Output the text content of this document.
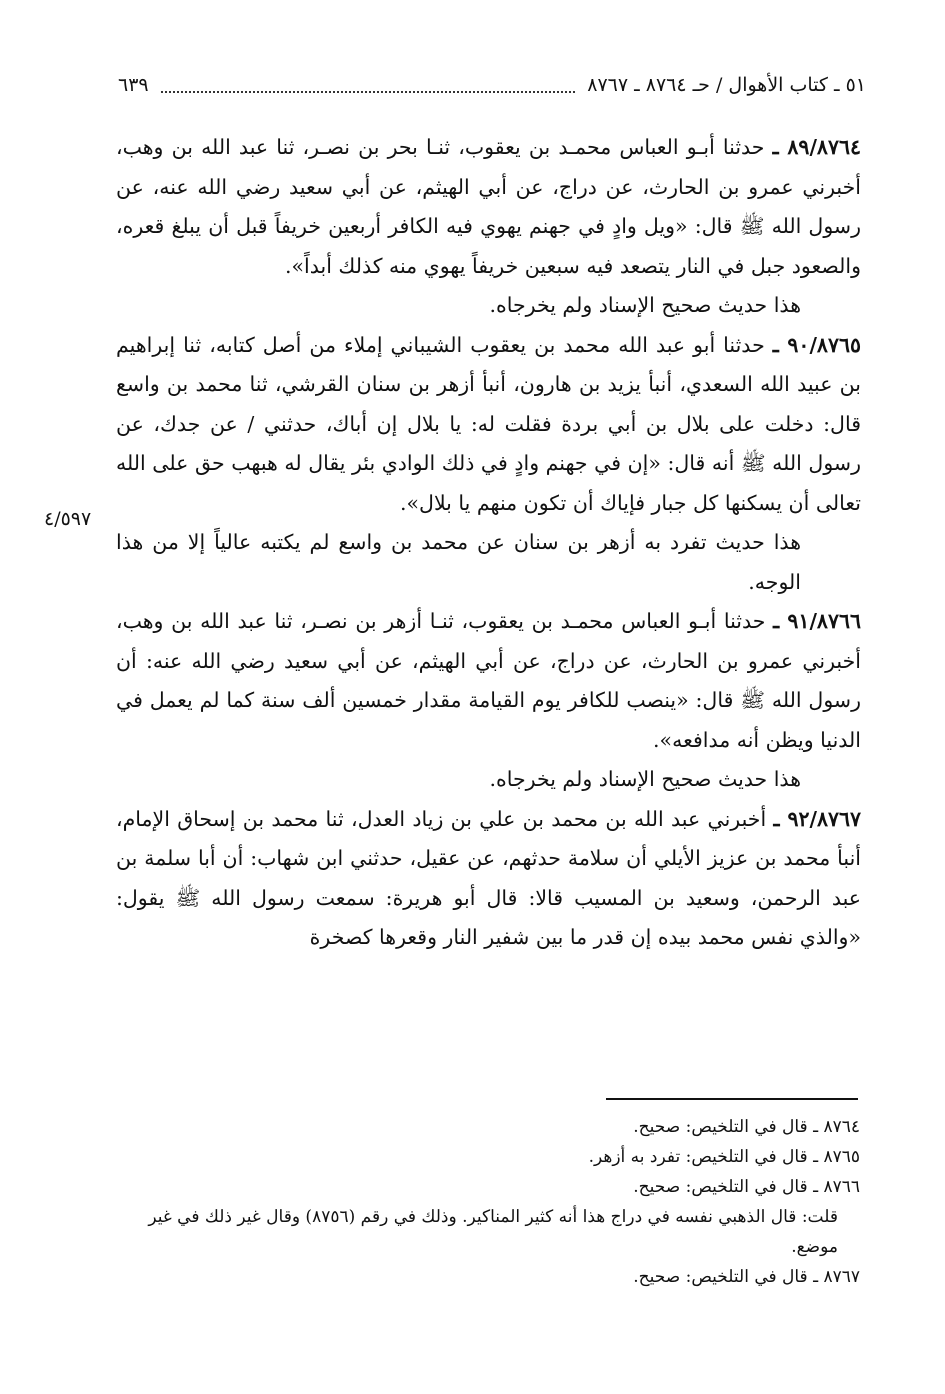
٥١ ـ كتاب الأهوال / حـ ٨٧٦٤ ـ ٨٧٦٧
٦٣٩

٨٩/٨٧٦٤ ـ حدثنا أبـو العباس محمـد بن يعقوب، ثنـا بحر بن نصـر، ثنا عبد الله بن وهب، أخبرني عمرو بن الحارث، عن دراج، عن أبي الهيثم، عن أبي سعيد رضي الله عنه، عن رسول الله ﷺ قال: «ويل وادٍ في جهنم يهوي فيه الكافر أربعين خريفاً قبل أن يبلغ قعره، والصعود جبل في النار يتصعد فيه سبعين خريفاً يهوي منه كذلك أبداً».

هذا حديث صحيح الإسناد ولم يخرجاه.

٩٠/٨٧٦٥ ـ حدثنا أبو عبد الله محمد بن يعقوب الشيباني إملاء من أصل كتابه، ثنا إبراهيم بن عبيد الله السعدي، أنبأ يزيد بن هارون، أنبأ أزهر بن سنان القرشي، ثنا محمد بن واسع قال: دخلت على بلال بن أبي بردة فقلت له: يا بلال إن أباك، حدثني / عن جدك، عن رسول الله ﷺ أنه قال: «إن في جهنم وادٍ في ذلك الوادي بئر يقال له هبهب حق على الله تعالى أن يسكنها كل جبار فإياك أن تكون منهم يا بلال».

هذا حديث تفرد به أزهر بن سنان عن محمد بن واسع لم يكتبه عالياً إلا من هذا الوجه.

٩١/٨٧٦٦ ـ حدثنا أبـو العباس محمـد بن يعقوب، ثنـا أزهر بن نصـر، ثنا عبد الله بن وهب، أخبرني عمرو بن الحارث، عن دراج، عن أبي الهيثم، عن أبي سعيد رضي الله عنه: أن رسول الله ﷺ قال: «ينصب للكافر يوم القيامة مقدار خمسين ألف سنة كما لم يعمل في الدنيا ويظن أنه مدافعه».

هذا حديث صحيح الإسناد ولم يخرجاه.

٩٢/٨٧٦٧ ـ أخبرني عبد الله بن محمد بن علي بن زياد العدل، ثنا محمد بن إسحاق الإمام، أنبأ محمد بن عزيز الأيلي أن سلامة حدثهم، عن عقيل، حدثني ابن شهاب: أن أبا سلمة بن عبد الرحمن، وسعيد بن المسيب قالا: قال أبو هريرة: سمعت رسول الله ﷺ يقول: «والذي نفس محمد بيده إن قدر ما بين شفير النار وقعرها كصخرة

٤/٥٩٧

٨٧٦٤ ـ قال في التلخيص: صحيح.

٨٧٦٥ ـ قال في التلخيص: تفرد به أزهر.

٨٧٦٦ ـ قال في التلخيص: صحيح.

قلت: قال الذهبي نفسه في دراج هذا أنه كثير المناكير. وذلك في رقم (٨٧٥٦) وقال غير ذلك في غير موضع.

٨٧٦٧ ـ قال في التلخيص: صحيح.
